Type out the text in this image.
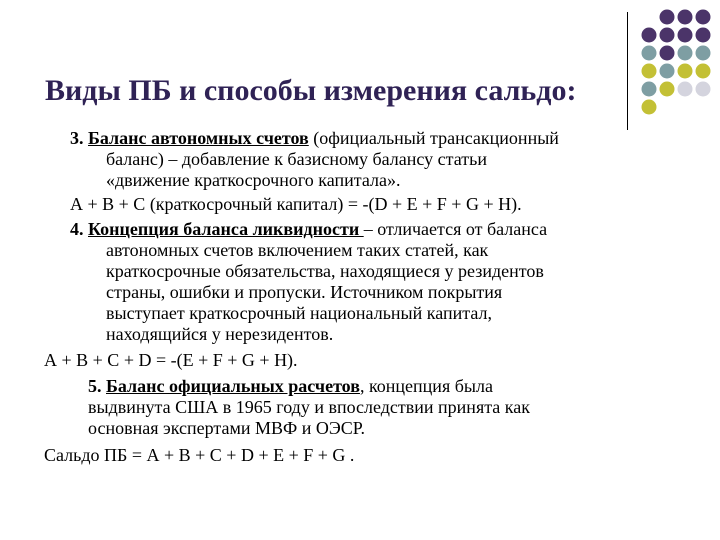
Виды ПБ и способы измерения сальдо:
3. Баланс автономных счетов (официальный трансакционный
баланс) – добавление к базисному балансу статьи
«движение краткосрочного капитала».
А + В + С (краткосрочный капитал) = -(D + E + F + G + H).
4. Концепция баланса ликвидности – отличается от баланса
автономных счетов включением таких статей, как
краткосрочные обязательства, находящиеся у резидентов
страны, ошибки и пропуски. Источником покрытия
выступает краткосрочный национальный капитал,
находящийся у нерезидентов.
А + В + С + D = -(E + F + G + H).
5. Баланс официальных расчетов, концепция была
выдвинута США в 1965 году и впоследствии принята как
основная экспертами МВФ и ОЭСР.
Сальдо ПБ = А + В + С + D + E + F + G .
